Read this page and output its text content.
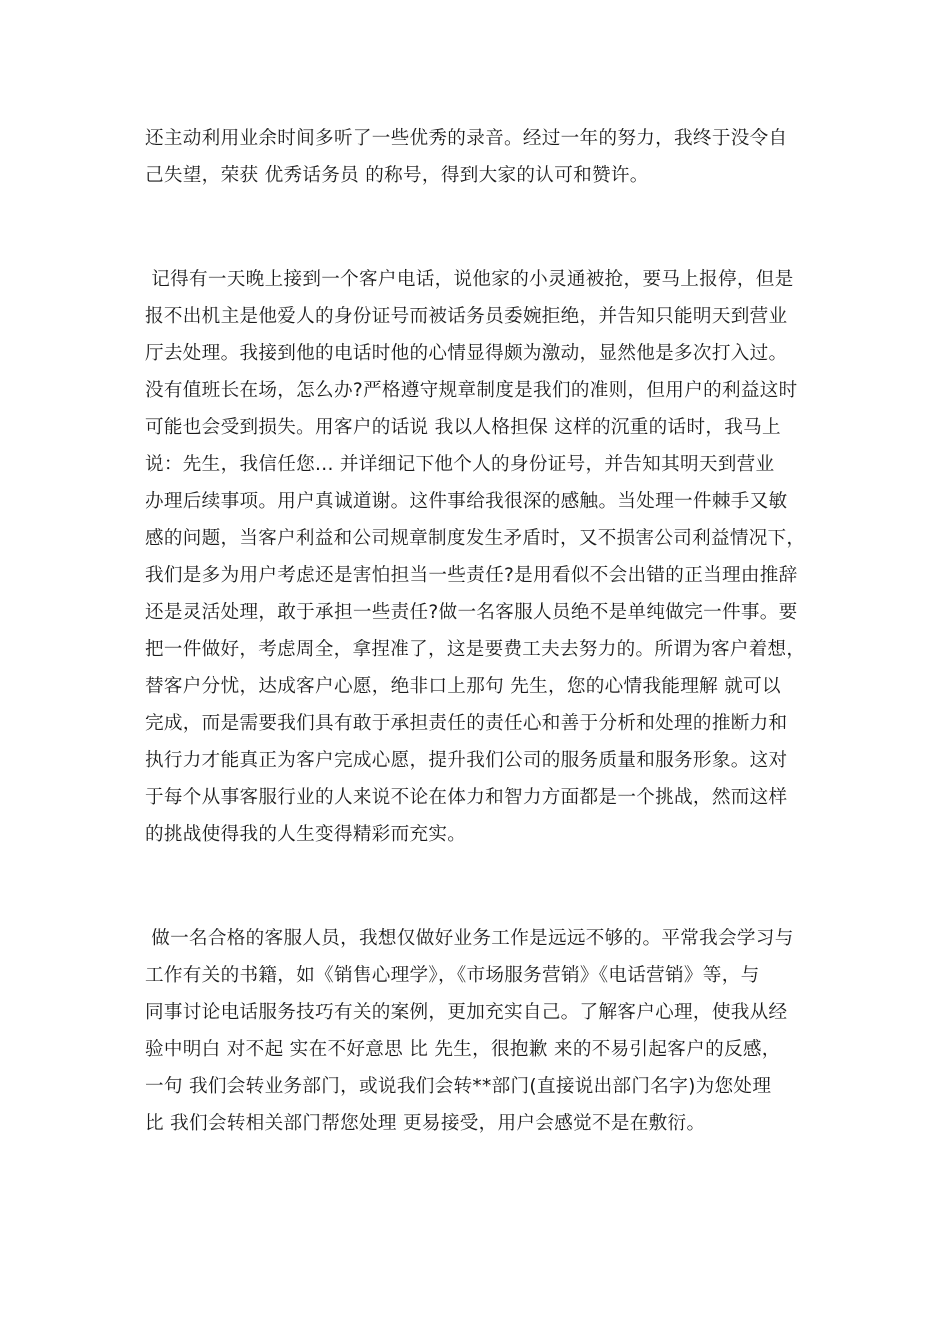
还主动利用业余时间多听了一些优秀的录音。经过一年的努力，我终于没令自
己失望，荣获 优秀话务员 的称号，得到大家的认可和赞许。
记得有一天晚上接到一个客户电话，说他家的小灵通被抢，要马上报停，但是
报不出机主是他爱人的身份证号而被话务员委婉拒绝，并告知只能明天到营业
厅去处理。我接到他的电话时他的心情显得颇为激动，显然他是多次打入过。
没有值班长在场，怎么办?严格遵守规章制度是我们的准则，但用户的利益这时
可能也会受到损失。用客户的话说 我以人格担保 这样的沉重的话时，我马上
说：先生，我信任您... 并详细记下他个人的身份证号，并告知其明天到营业
办理后续事项。用户真诚道谢。这件事给我很深的感触。当处理一件棘手又敏
感的问题，当客户利益和公司规章制度发生矛盾时，又不损害公司利益情况下，
我们是多为用户考虑还是害怕担当一些责任?是用看似不会出错的正当理由推辞
还是灵活处理，敢于承担一些责任?做一名客服人员绝不是单纯做完一件事。要
把一件做好，考虑周全，拿捏准了，这是要费工夫去努力的。所谓为客户着想，
替客户分忧，达成客户心愿，绝非口上那句 先生，您的心情我能理解 就可以
完成，而是需要我们具有敢于承担责任的责任心和善于分析和处理的推断力和
执行力才能真正为客户完成心愿，提升我们公司的服务质量和服务形象。这对
于每个从事客服行业的人来说不论在体力和智力方面都是一个挑战，然而这样
的挑战使得我的人生变得精彩而充实。
做一名合格的客服人员，我想仅做好业务工作是远远不够的。平常我会学习与
工作有关的书籍，如《销售心理学》，《市场服务营销》《电话营销》等，与
同事讨论电话服务技巧有关的案例，更加充实自己。了解客户心理，使我从经
验中明白 对不起 实在不好意思 比 先生，很抱歉 来的不易引起客户的反感，
一句 我们会转业务部门，或说我们会转**部门(直接说出部门名字)为您处理
比 我们会转相关部门帮您处理 更易接受，用户会感觉不是在敷衍。
